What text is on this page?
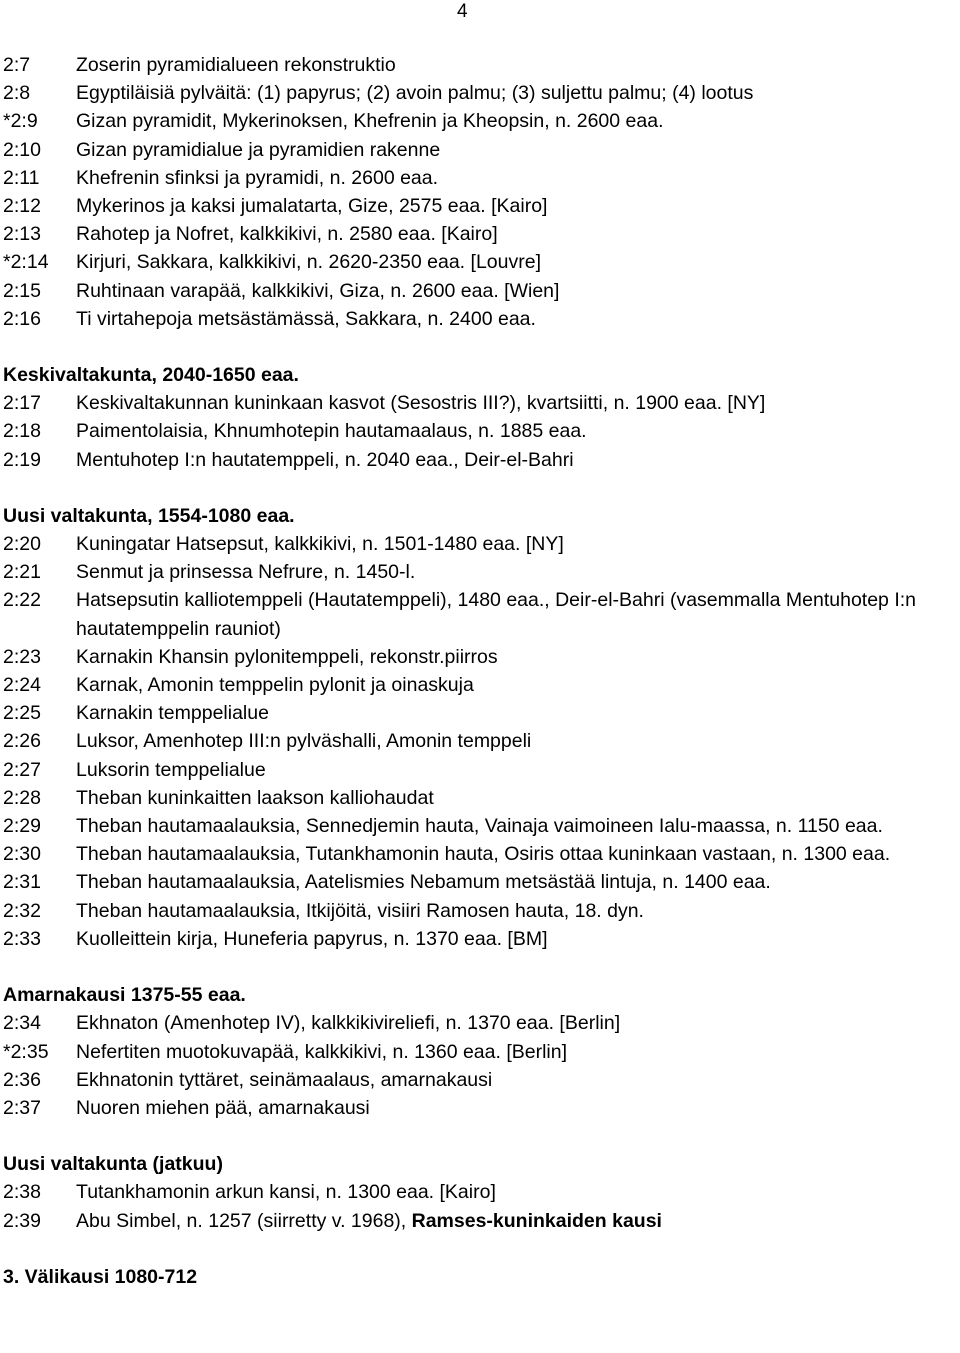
4
2:7	Zoserin pyramidialueen rekonstruktio
2:8	Egyptiläisiä pylväitä: (1) papyrus; (2) avoin palmu; (3) suljettu palmu; (4) lootus
*2:9	Gizan pyramidit, Mykerinoksen, Khefrenin ja Kheopsin, n. 2600 eaa.
2:10	Gizan pyramidialue ja pyramidien rakenne
2:11	Khefrenin sfinksi ja pyramidi, n. 2600 eaa.
2:12	Mykerinos ja kaksi jumalatarta, Gize, 2575 eaa. [Kairo]
2:13	Rahotep ja Nofret, kalkkikivi, n. 2580 eaa. [Kairo]
*2:14	Kirjuri, Sakkara, kalkkikivi, n. 2620-2350 eaa. [Louvre]
2:15	Ruhtinaan varapää, kalkkikivi, Giza, n. 2600 eaa. [Wien]
2:16	Ti virtahepoja metsästämässä, Sakkara, n. 2400 eaa.
Keskivaltakunta, 2040-1650 eaa.
2:17	Keskivaltakunnan kuninkaan kasvot (Sesostris III?), kvartsiitti, n. 1900 eaa. [NY]
2:18	Paimentolaisia, Khnumhotepin hautamaalaus, n. 1885 eaa.
2:19	Mentuhotep I:n hautatemppeli, n. 2040 eaa., Deir-el-Bahri
Uusi valtakunta, 1554-1080 eaa.
2:20	Kuningatar Hatsepsut, kalkkikivi, n. 1501-1480 eaa. [NY]
2:21	Senmut ja prinsessa Nefrure, n. 1450-l.
2:22	Hatsepsutin kalliotemppeli (Hautatemppeli), 1480 eaa., Deir-el-Bahri (vasemmalla Mentuhotep I:n hautatemppelin rauniot)
2:23	Karnakin Khansin pylonitemppeli, rekonstr.piirros
2:24	Karnak, Amonin temppelin pylonit ja oinaskuja
2:25	Karnakin temppelialue
2:26	Luksor, Amenhotep III:n pylväshalli, Amonin temppeli
2:27	Luksorin temppelialue
2:28	Theban kuninkaitten laakson kalliohaudat
2:29	Theban hautamaalauksia, Sennedjemin hauta, Vainaja vaimoineen Ialu-maassa, n. 1150 eaa.
2:30	Theban hautamaalauksia, Tutankhamonin hauta, Osiris ottaa kuninkaan vastaan, n. 1300 eaa.
2:31	Theban hautamaalauksia, Aatelismies Nebamum metsästää lintuja, n. 1400 eaa.
2:32	Theban hautamaalauksia, Itkijöitä, visiiri Ramosen hauta, 18. dyn.
2:33	Kuolleittein kirja, Huneferia papyrus, n. 1370 eaa. [BM]
Amarnakausi 1375-55 eaa.
2:34	Ekhnaton (Amenhotep IV), kalkkikivireliefi, n. 1370 eaa. [Berlin]
*2:35	Nefertiten muotokuvapää, kalkkikivi, n. 1360 eaa. [Berlin]
2:36	Ekhnatonin tyttäret, seinämaalaus, amarnakausi
2:37	Nuoren miehen pää, amarnakausi
Uusi valtakunta (jatkuu)
2:38	Tutankhamonin arkun kansi, n. 1300 eaa. [Kairo]
2:39	Abu Simbel, n. 1257 (siirretty v. 1968), Ramses-kuninkaiden kausi
3. Välikausi 1080-712
